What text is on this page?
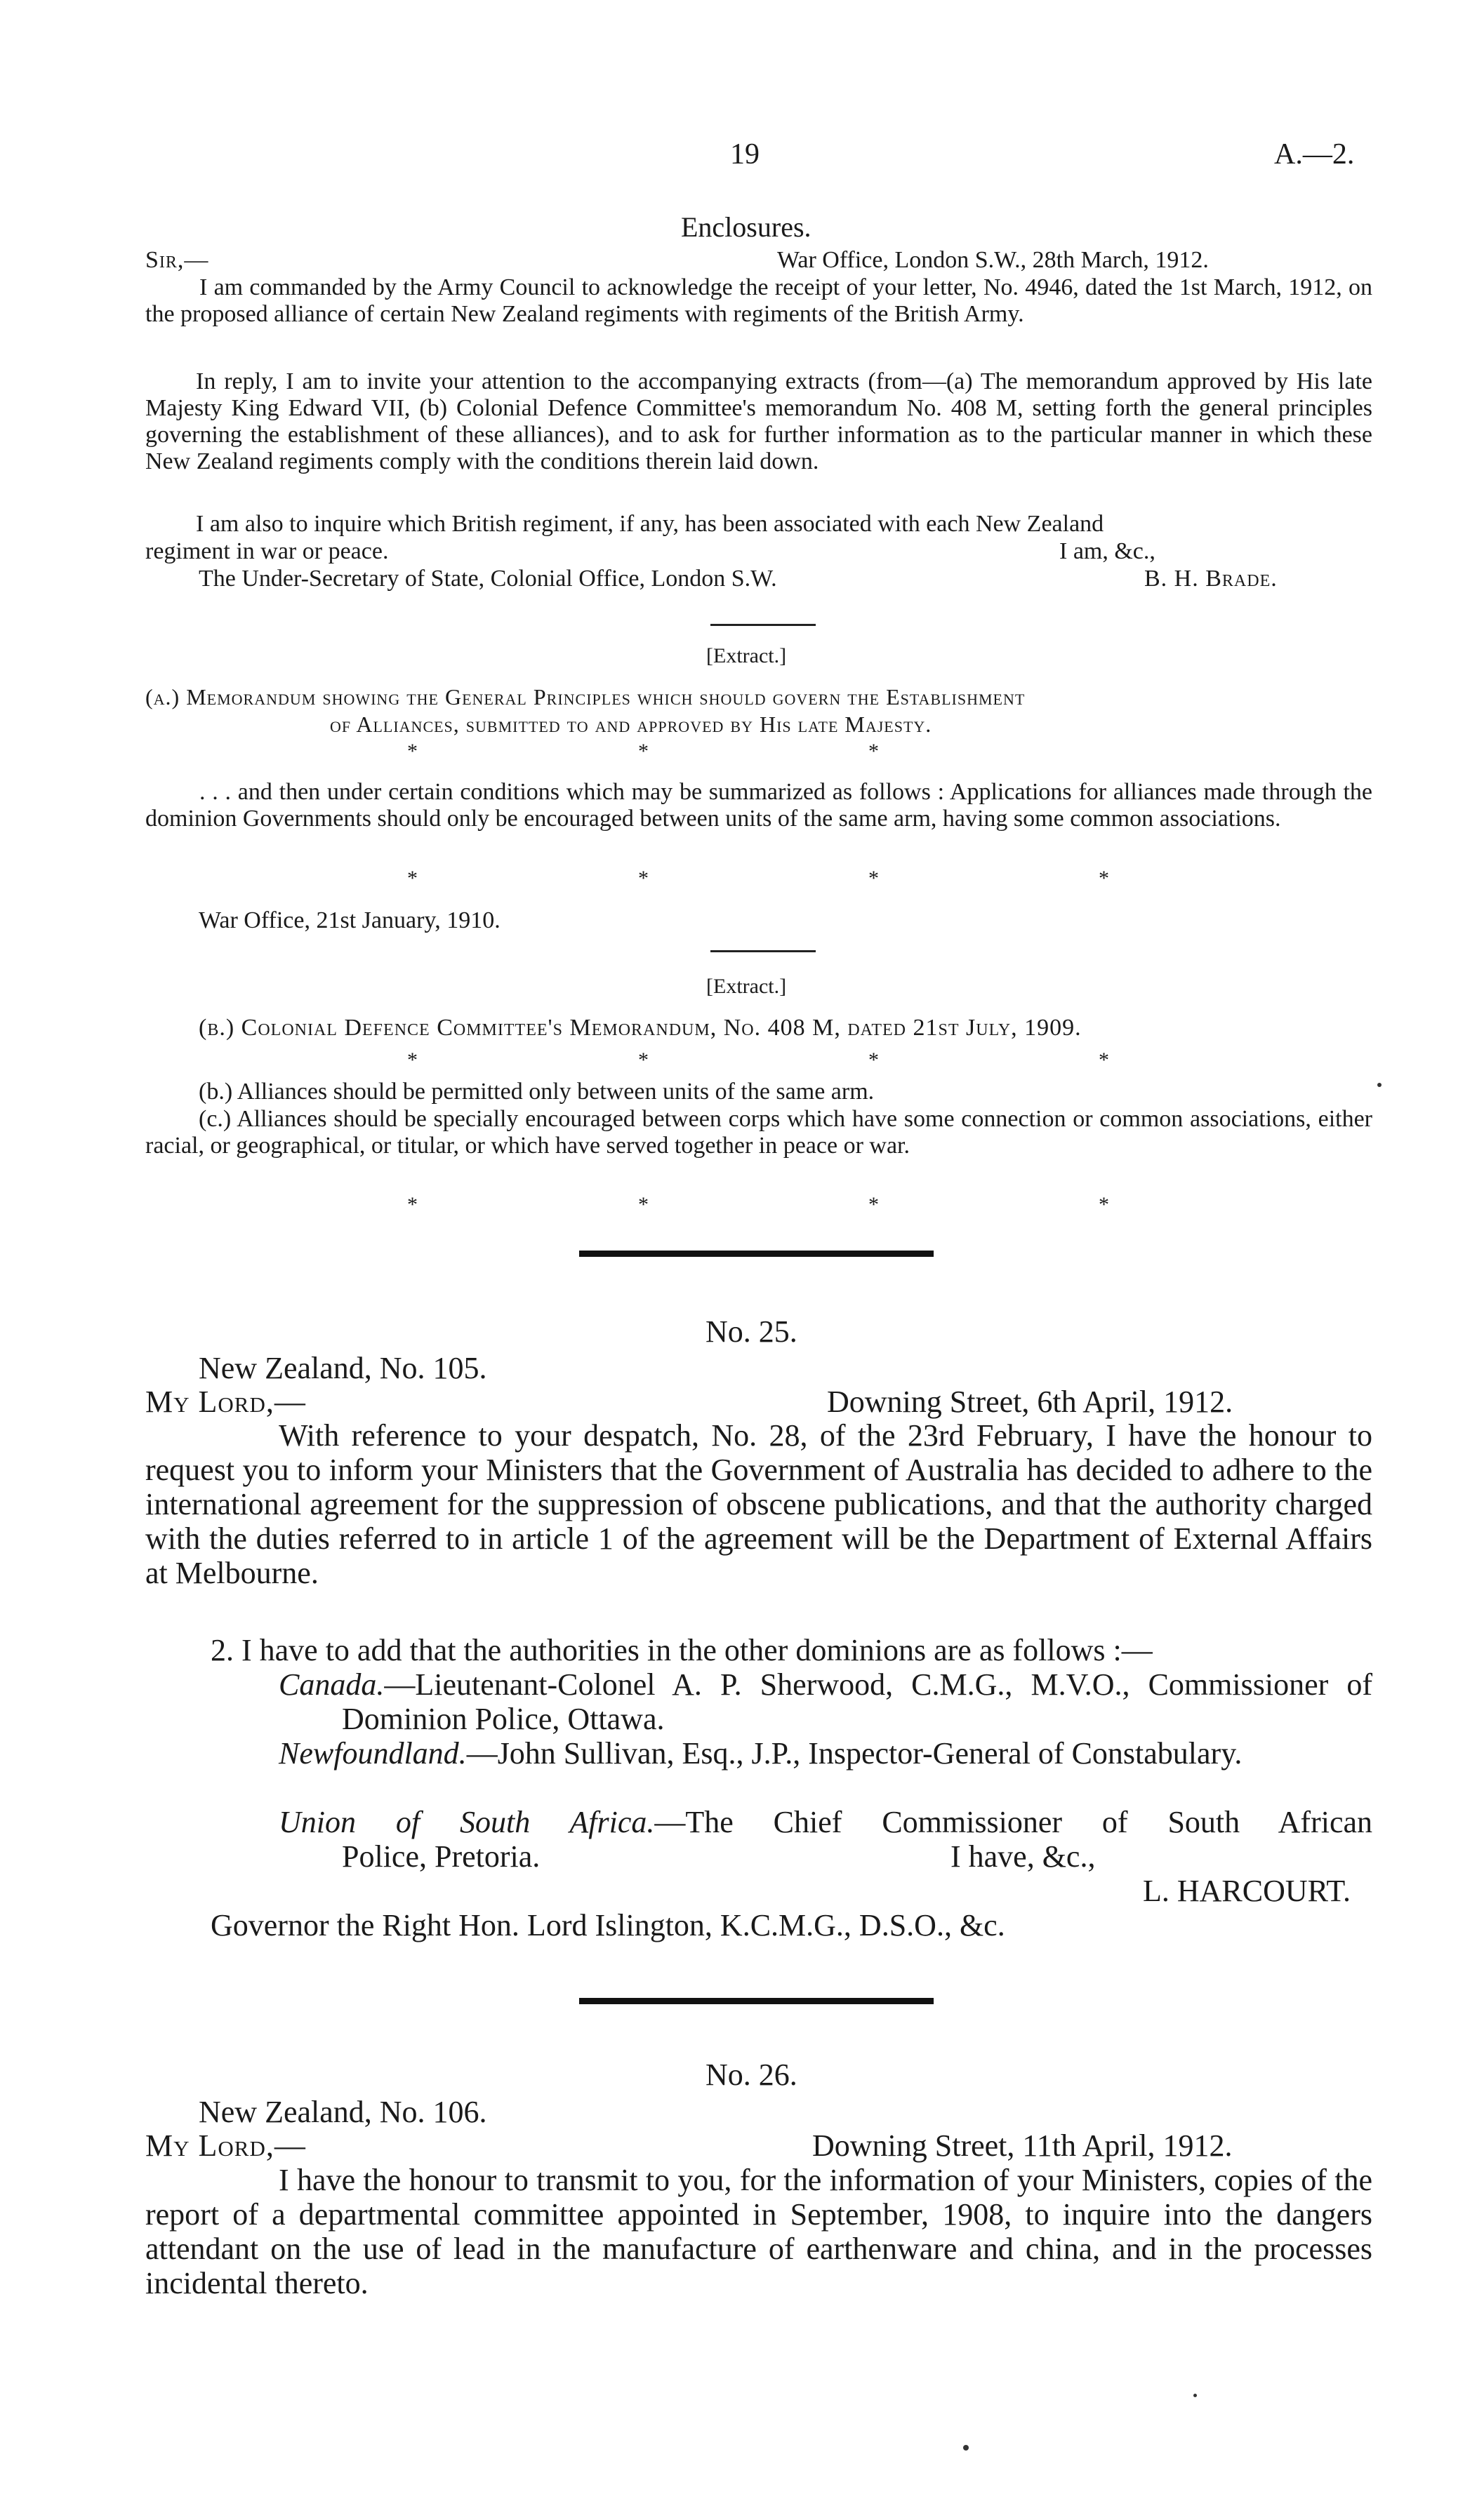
19	A.—2.
Enclosures.
Sir,—	War Office, London S.W., 28th March, 1912.
I am commanded by the Army Council to acknowledge the receipt of your letter, No. 4946, dated the 1st March, 1912, on the proposed alliance of certain New Zealand regiments with regiments of the British Army.
In reply, I am to invite your attention to the accompanying extracts (from—(a) The memorandum approved by His late Majesty King Edward VII, (b) Colonial Defence Committee's memorandum No. 408 M, setting forth the general principles governing the establishment of these alliances), and to ask for further information as to the particular manner in which these New Zealand regiments comply with the conditions therein laid down.
I am also to inquire which British regiment, if any, has been associated with each New Zealand
regiment in war or peace.	I am, &c.,
The Under-Secretary of State, Colonial Office, London S.W.	B. H. Brade.
[Extract.]
(a.) Memorandum showing the General Principles which should govern the Establishment
of Alliances, submitted to and approved by His late Majesty.
*	*	*
. . . and then under certain conditions which may be summarized as follows : Applications for alliances made through the dominion Governments should only be encouraged between units of the same arm, having some common associations.
*	*	*	*
War Office, 21st January, 1910.
[Extract.]
(b.) Colonial Defence Committee's Memorandum, No. 408 M, dated 21st July, 1909.
*	*	*	*
(b.) Alliances should be permitted only between units of the same arm.
(c.) Alliances should be specially encouraged between corps which have some connection or common associations, either racial, or geographical, or titular, or which have served together in peace or war.
*	*	*	*
No. 25.
New Zealand, No. 105.
My Lord,—	Downing Street, 6th April, 1912.
With reference to your despatch, No. 28, of the 23rd February, I have the honour to request you to inform your Ministers that the Government of Australia has decided to adhere to the international agreement for the suppression of obscene publications, and that the authority charged with the duties referred to in article 1 of the agreement will be the Department of External Affairs at Melbourne.
2. I have to add that the authorities in the other dominions are as follows :—
Canada.—Lieutenant-Colonel A. P. Sherwood, C.M.G., M.V.O., Commissioner of Dominion Police, Ottawa.
Newfoundland.—John Sullivan, Esq., J.P., Inspector-General of Constabulary.
Union of South Africa.—The Chief Commissioner of South African
Police, Pretoria.	I have, &c.,
L. HARCOURT.
Governor the Right Hon. Lord Islington, K.C.M.G., D.S.O., &c.
No. 26.
New Zealand, No. 106.
My Lord,—	Downing Street, 11th April, 1912.
I have the honour to transmit to you, for the information of your Ministers, copies of the report of a departmental committee appointed in September, 1908, to inquire into the dangers attendant on the use of lead in the manufacture of earthenware and china, and in the processes incidental thereto.
